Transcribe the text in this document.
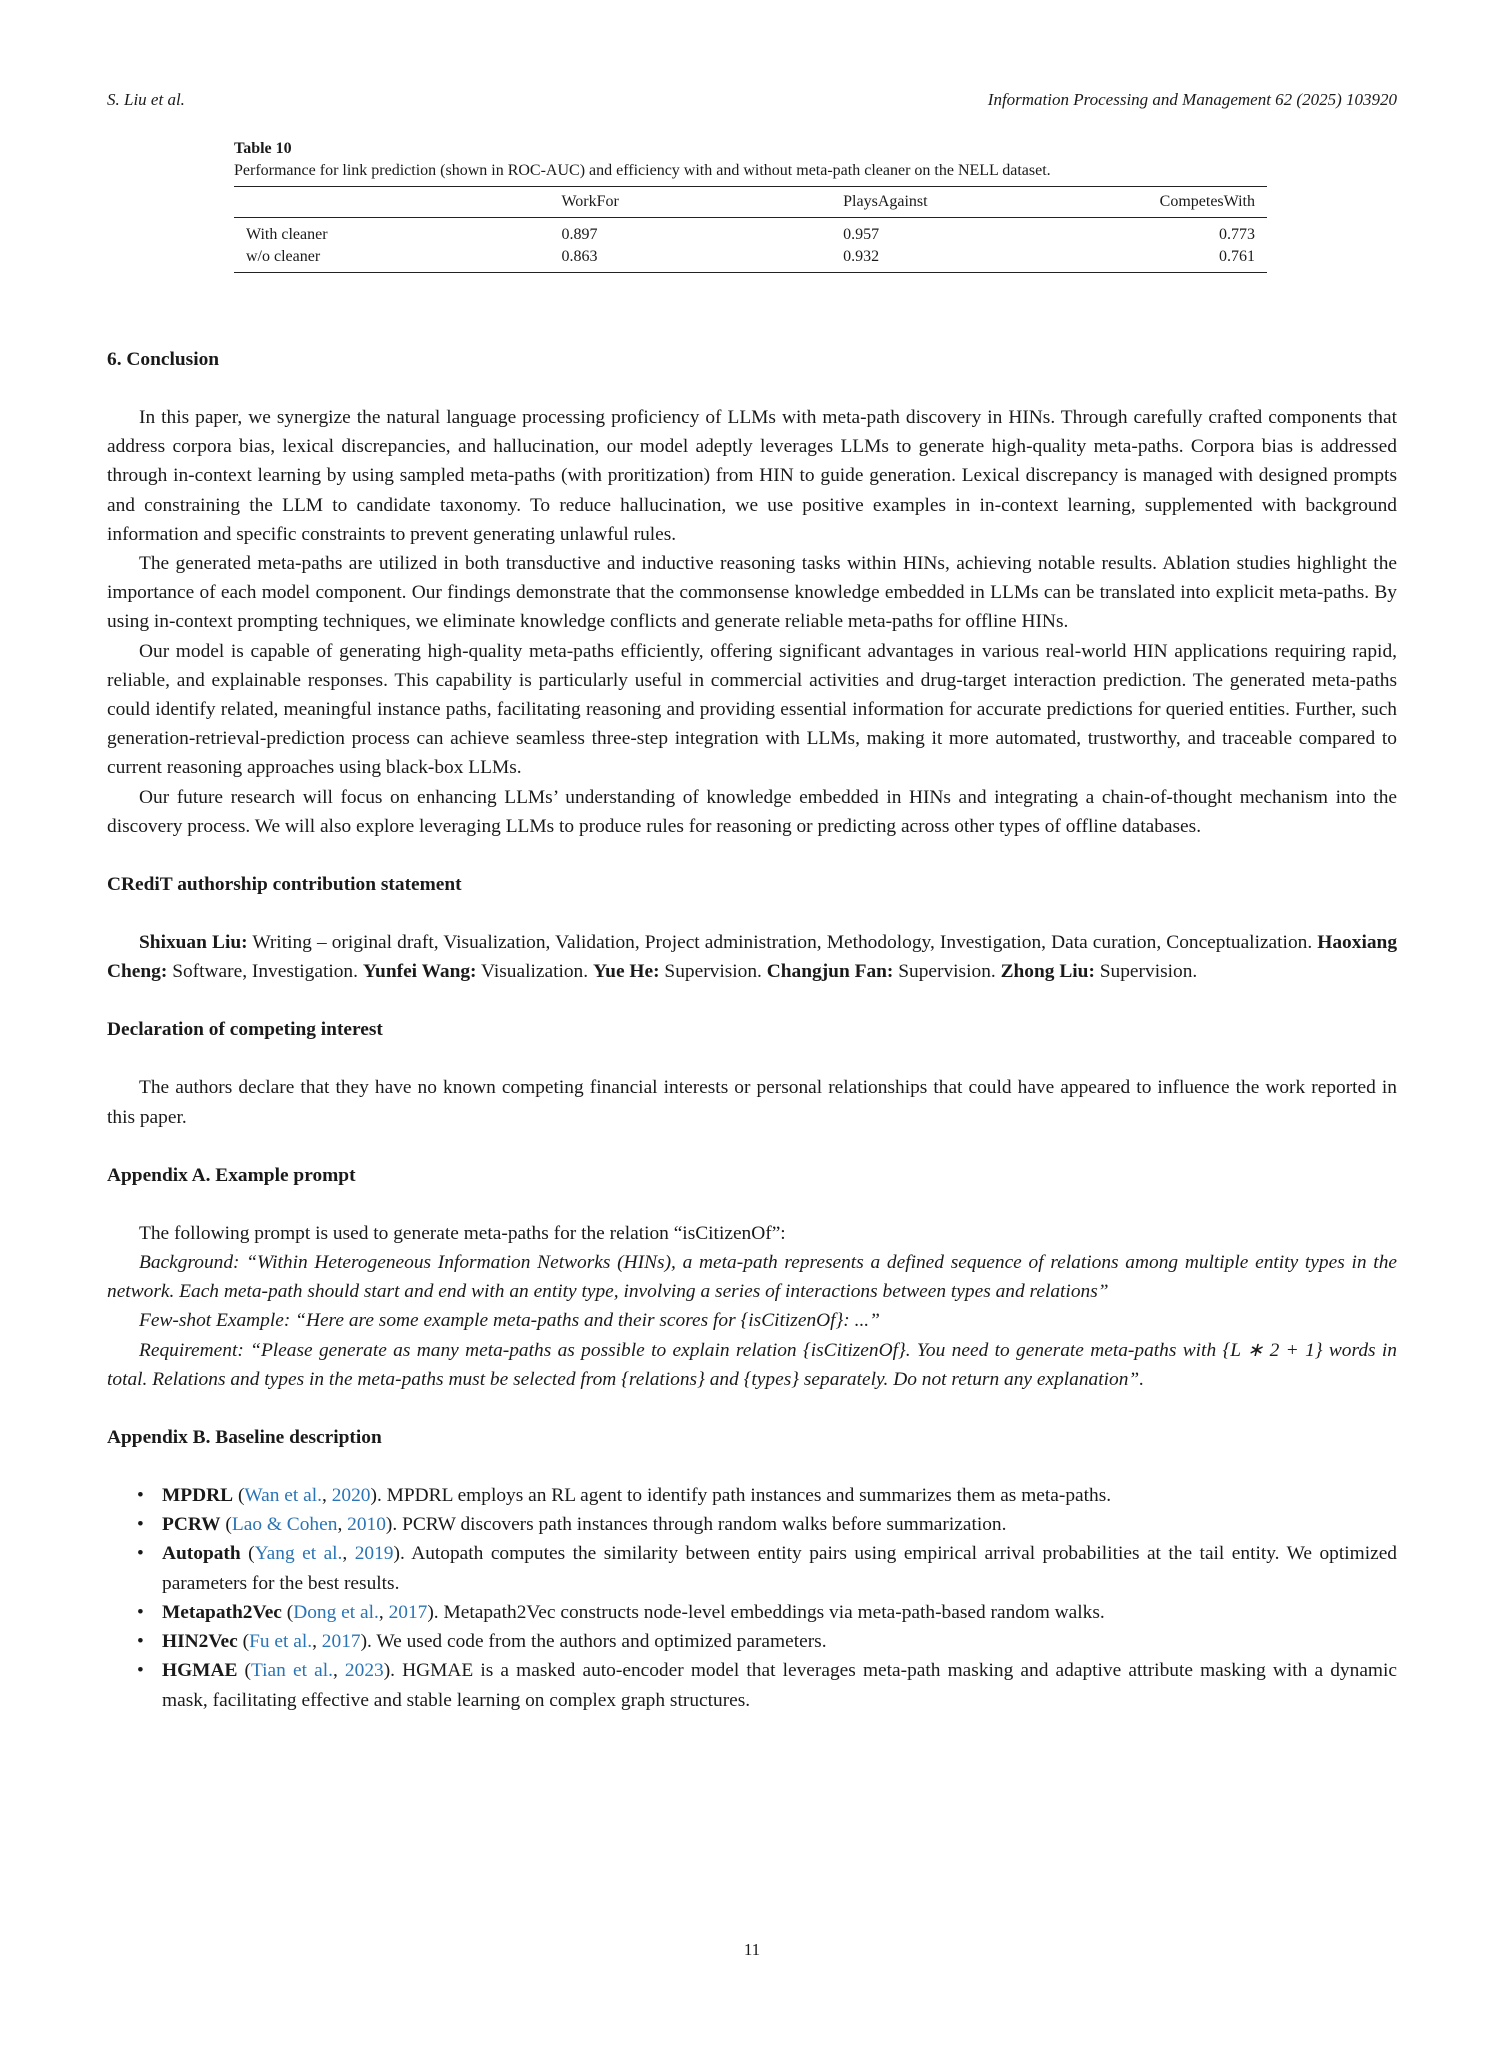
S. Liu et al.	Information Processing and Management 62 (2025) 103920
Table 10
Performance for link prediction (shown in ROC-AUC) and efficiency with and without meta-path cleaner on the NELL dataset.
	WorkFor	PlaysAgainst	CompetesWith
With cleaner	0.897	0.957	0.773
w/o cleaner	0.863	0.932	0.761
6. Conclusion

In this paper, we synergize the natural language processing proficiency of LLMs with meta-path discovery in HINs. Through carefully crafted components that address corpora bias, lexical discrepancies, and hallucination, our model adeptly leverages LLMs to generate high-quality meta-paths. Corpora bias is addressed through in-context learning by using sampled meta-paths (with proritization) from HIN to guide generation. Lexical discrepancy is managed with designed prompts and constraining the LLM to candidate taxonomy. To reduce hallucination, we use positive examples in in-context learning, supplemented with background information and specific constraints to prevent generating unlawful rules.

The generated meta-paths are utilized in both transductive and inductive reasoning tasks within HINs, achieving notable results. Ablation studies highlight the importance of each model component. Our findings demonstrate that the commonsense knowledge embedded in LLMs can be translated into explicit meta-paths. By using in-context prompting techniques, we eliminate knowledge conflicts and generate reliable meta-paths for offline HINs.

Our model is capable of generating high-quality meta-paths efficiently, offering significant advantages in various real-world HIN applications requiring rapid, reliable, and explainable responses. This capability is particularly useful in commercial activities and drug-target interaction prediction. The generated meta-paths could identify related, meaningful instance paths, facilitating reasoning and providing essential information for accurate predictions for queried entities. Further, such generation-retrieval-prediction process can achieve seamless three-step integration with LLMs, making it more automated, trustworthy, and traceable compared to current reasoning approaches using black-box LLMs.

Our future research will focus on enhancing LLMs’ understanding of knowledge embedded in HINs and integrating a chain-of-thought mechanism into the discovery process. We will also explore leveraging LLMs to produce rules for reasoning or predicting across other types of offline databases.

CRediT authorship contribution statement

Shixuan Liu: Writing – original draft, Visualization, Validation, Project administration, Methodology, Investigation, Data curation, Conceptualization. Haoxiang Cheng: Software, Investigation. Yunfei Wang: Visualization. Yue He: Supervision. Changjun Fan: Supervision. Zhong Liu: Supervision.

Declaration of competing interest

The authors declare that they have no known competing financial interests or personal relationships that could have appeared to influence the work reported in this paper.

Appendix A. Example prompt

The following prompt is used to generate meta-paths for the relation “isCitizenOf”:

Background: “Within Heterogeneous Information Networks (HINs), a meta-path represents a defined sequence of relations among multiple entity types in the network. Each meta-path should start and end with an entity type, involving a series of interactions between types and relations”

Few-shot Example: “Here are some example meta-paths and their scores for {isCitizenOf}: ...”

Requirement: “Please generate as many meta-paths as possible to explain relation {isCitizenOf}. You need to generate meta-paths with {L ∗ 2 + 1} words in total. Relations and types in the meta-paths must be selected from {relations} and {types} separately. Do not return any explanation”.

Appendix B. Baseline description
• MPDRL (Wan et al., 2020). MPDRL employs an RL agent to identify path instances and summarizes them as meta-paths.
• PCRW (Lao & Cohen, 2010). PCRW discovers path instances through random walks before summarization.
• Autopath (Yang et al., 2019). Autopath computes the similarity between entity pairs using empirical arrival probabilities at the tail entity. We optimized parameters for the best results.
• Metapath2Vec (Dong et al., 2017). Metapath2Vec constructs node-level embeddings via meta-path-based random walks.
• HIN2Vec (Fu et al., 2017). We used code from the authors and optimized parameters.
• HGMAE (Tian et al., 2023). HGMAE is a masked auto-encoder model that leverages meta-path masking and adaptive attribute masking with a dynamic mask, facilitating effective and stable learning on complex graph structures.
11
